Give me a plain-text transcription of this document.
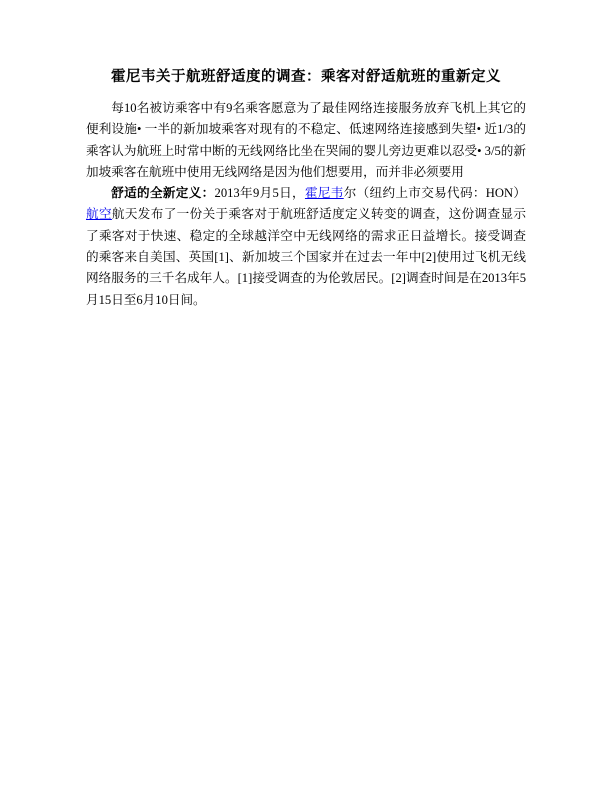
霍尼韦关于航班舒适度的调查：乘客对舒适航班的重新定义

每10名被访乘客中有9名乘客愿意为了最佳网络连接服务放弃飞机上其它的便利设施• 一半的新加坡乘客对现有的不稳定、低速网络连接感到失望• 近1/3的乘客认为航班上时常中断的无线网络比坐在哭闹的婴儿旁边更难以忍受• 3/5的新加坡乘客在航班中使用无线网络是因为他们想要用，而并非必须要用

舒适的全新定义：2013年9月5日，霍尼韦尔（纽约上市交易代码：HON）航空航天发布了一份关于乘客对于航班舒适度定义转变的调查，这份调查显示了乘客对于快速、稳定的全球越洋空中无线网络的需求正日益增长。接受调查的乘客来自美国、英国[1]、新加坡三个国家并在过去一年中[2]使用过飞机无线网络服务的三千名成年人。[1]接受调查的为伦敦居民。[2]调查时间是在2013年5月15日至6月10日间。
